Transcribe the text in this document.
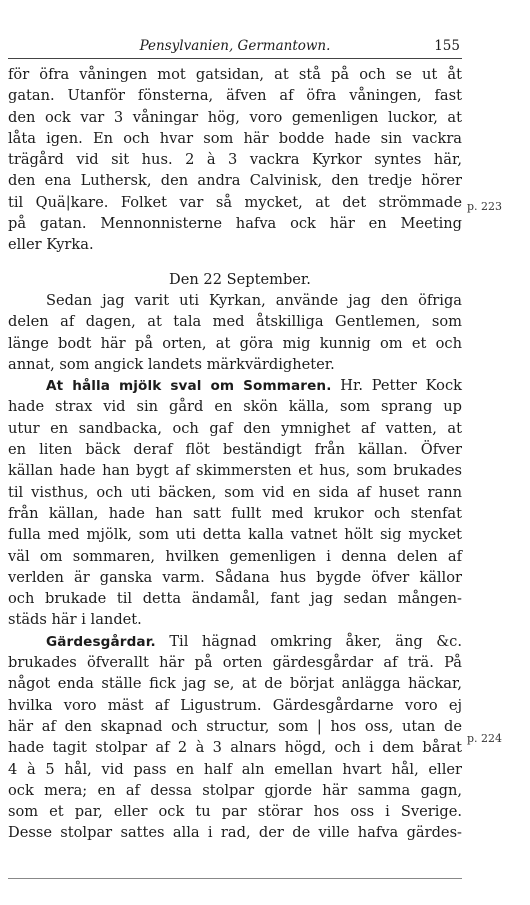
Pensylvanien, Germantown.	155
för öfra våningen mot gatsidan, at stå på och se ut åt
gatan. Utanför fönsterna, äfven af öfra våningen, fast
den ock var 3 våningar hög, voro gemenligen luckor, at
låta igen. En och hvar som här bodde hade sin vackra
trägård vid sit hus. 2 à 3 vackra Kyrkor syntes här,
den ena Luthersk, den andra Calvinisk, den tredje hörer
til Quä|kare. Folket var så mycket, at det strömmade
på gatan. Mennonnisterne hafva ock här en Meeting
eller Kyrka.
Den 22 September.
Sedan jag varit uti Kyrkan, använde jag den öfriga
delen af dagen, at tala med åtskilliga Gentlemen, som
länge bodt här på orten, at göra mig kunnig om et och
annat, som angick landets märkvärdigheter.
At hålla mjölk sval om Sommaren. Hr. Petter Kock
hade strax vid sin gård en skön källa, som sprang up
utur en sandbacka, och gaf den ymnighet af vatten, at
en liten bäck deraf flöt beständigt från källan. Öfver
källan hade han bygt af skimmersten et hus, som brukades
til visthus, och uti bäcken, som vid en sida af huset rann
från källan, hade han satt fullt med krukor och stenfat
fulla med mjölk, som uti detta kalla vatnet hölt sig mycket
väl om sommaren, hvilken gemenligen i denna delen af
verlden är ganska varm. Sådana hus bygde öfver källor
och brukade til detta ändamål, fant jag sedan mången-
städs här i landet.
Gärdesgårdar. Til hägnad omkring åker, äng &c.
brukades öfverallt här på orten gärdesgårdar af trä. På
något enda ställe fick jag se, at de börjat anlägga häckar,
hvilka voro mäst af Ligustrum. Gärdesgårdarne voro ej
här af den skapnad och structur, som | hos oss, utan de
hade tagit stolpar af 2 à 3 alnars högd, och i dem bårat
4 à 5 hål, vid pass en half aln emellan hvart hål, eller
ock mera; en af dessa stolpar gjorde här samma gagn,
som et par, eller ock tu par störar hos oss i Sverige.
Desse stolpar sattes alla i rad, der de ville hafva gärdes-
p. 223
p. 224
